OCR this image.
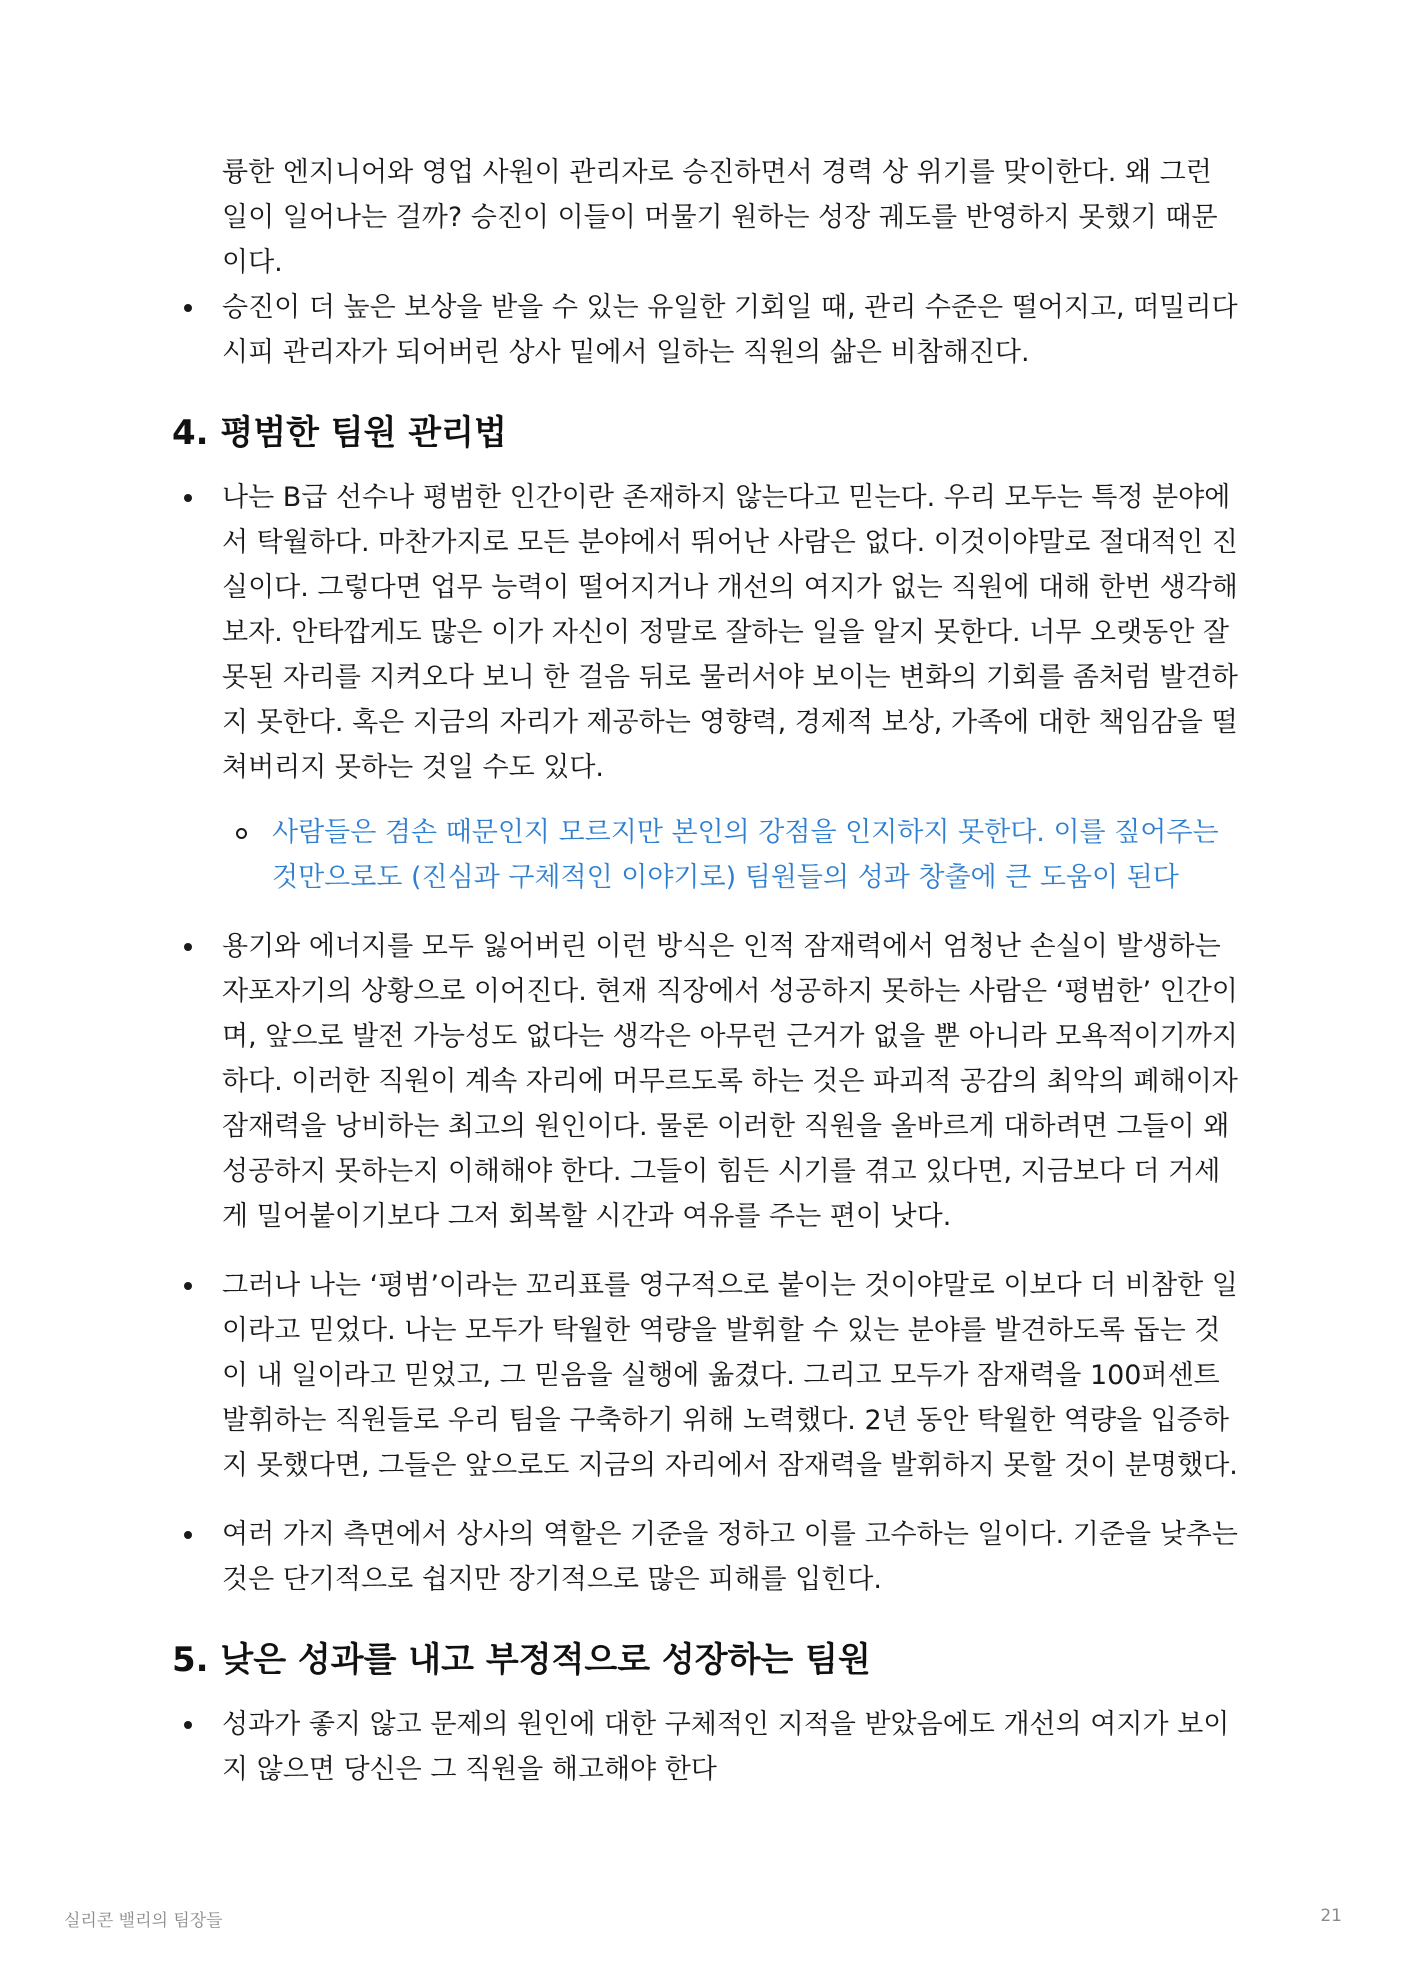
륭한 엔지니어와 영업 사원이 관리자로 승진하면서 경력 상 위기를 맞이한다. 왜 그런 일이 일어나는 걸까? 승진이 이들이 머물기 원하는 성장 궤도를 반영하지 못했기 때문이다.

승진이 더 높은 보상을 받을 수 있는 유일한 기회일 때, 관리 수준은 떨어지고, 떠밀리다시피 관리자가 되어버린 상사 밑에서 일하는 직원의 삶은 비참해진다.
4. 평범한 팀원 관리법
나는 B급 선수나 평범한 인간이란 존재하지 않는다고 믿는다. 우리 모두는 특정 분야에서 탁월하다. 마찬가지로 모든 분야에서 뛰어난 사람은 없다. 이것이야말로 절대적인 진실이다. 그렇다면 업무 능력이 떨어지거나 개선의 여지가 없는 직원에 대해 한번 생각해보자. 안타깝게도 많은 이가 자신이 정말로 잘하는 일을 알지 못한다. 너무 오랫동안 잘못된 자리를 지켜오다 보니 한 걸음 뒤로 물러서야 보이는 변화의 기회를 좀처럼 발견하지 못한다. 혹은 지금의 자리가 제공하는 영향력, 경제적 보상, 가족에 대한 책임감을 떨쳐버리지 못하는 것일 수도 있다.
사람들은 겸손 때문인지 모르지만 본인의 강점을 인지하지 못한다. 이를 짚어주는 것만으로도 (진심과 구체적인 이야기로) 팀원들의 성과 창출에 큰 도움이 된다
용기와 에너지를 모두 잃어버린 이런 방식은 인적 잠재력에서 엄청난 손실이 발생하는 자포자기의 상황으로 이어진다. 현재 직장에서 성공하지 못하는 사람은 ‘평범한’ 인간이며, 앞으로 발전 가능성도 없다는 생각은 아무런 근거가 없을 뿐 아니라 모욕적이기까지 하다. 이러한 직원이 계속 자리에 머무르도록 하는 것은 파괴적 공감의 최악의 폐해이자 잠재력을 낭비하는 최고의 원인이다. 물론 이러한 직원을 올바르게 대하려면 그들이 왜 성공하지 못하는지 이해해야 한다. 그들이 힘든 시기를 겪고 있다면, 지금보다 더 거세게 밀어붙이기보다 그저 회복할 시간과 여유를 주는 편이 낫다.
그러나 나는 ‘평범’이라는 꼬리표를 영구적으로 붙이는 것이야말로 이보다 더 비참한 일이라고 믿었다. 나는 모두가 탁월한 역량을 발휘할 수 있는 분야를 발견하도록 돕는 것이 내 일이라고 믿었고, 그 믿음을 실행에 옮겼다. 그리고 모두가 잠재력을 100퍼센트 발휘하는 직원들로 우리 팀을 구축하기 위해 노력했다. 2년 동안 탁월한 역량을 입증하지 못했다면, 그들은 앞으로도 지금의 자리에서 잠재력을 발휘하지 못할 것이 분명했다.
여러 가지 측면에서 상사의 역할은 기준을 정하고 이를 고수하는 일이다. 기준을 낮추는 것은 단기적으로 쉽지만 장기적으로 많은 피해를 입힌다.
5. 낮은 성과를 내고 부정적으로 성장하는 팀원
성과가 좋지 않고 문제의 원인에 대한 구체적인 지적을 받았음에도 개선의 여지가 보이지 않으면 당신은 그 직원을 해고해야 한다
실리콘 밸리의 팀장들	21
